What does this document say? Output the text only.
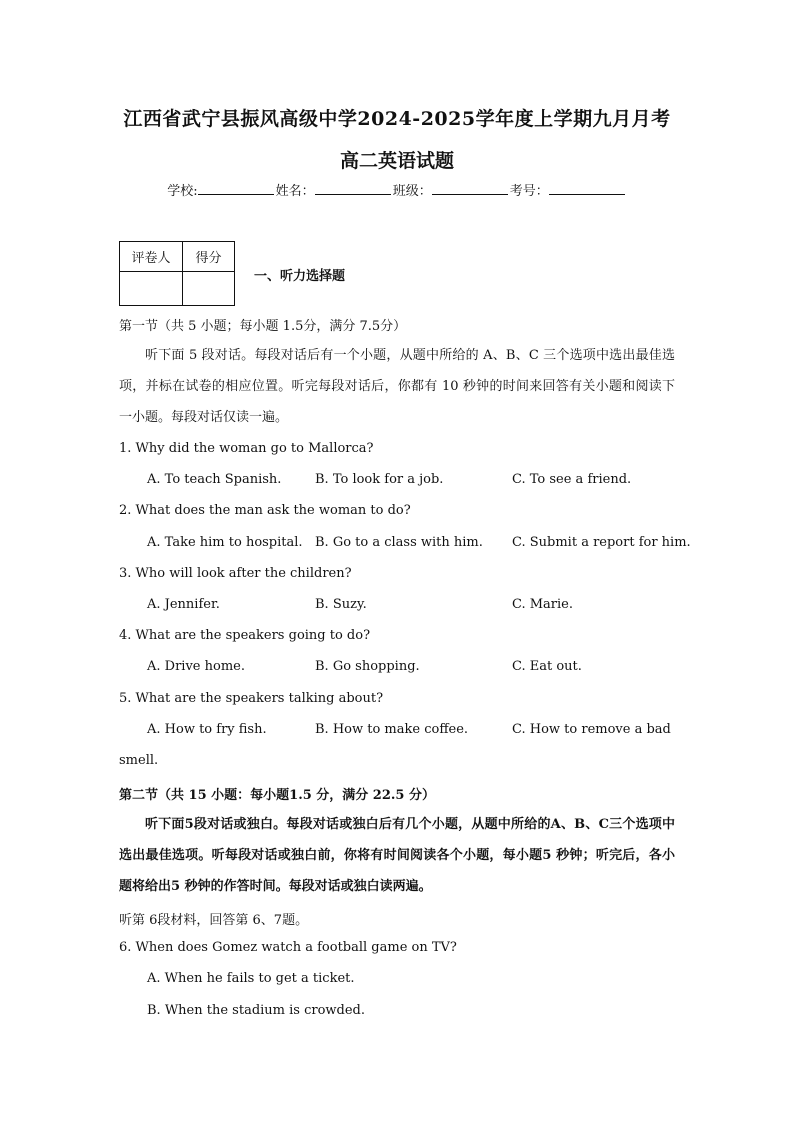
江西省武宁县振风高级中学2024-2025学年度上学期九月月考
高二英语试题
学校:	姓名：	班级：	考号：
评卷人	得分

一、听力选择题
第一节（共 5 小题；每小题 1.5分，满分 7.5分）
听下面 5 段对话。每段对话后有一个小题，从题中所给的 A、B、C 三个选项中选出最佳选项，并标在试卷的相应位置。听完每段对话后，你都有 10 秒钟的时间来回答有关小题和阅读下一小题。每段对话仅读一遍。
1. Why did the woman go to Mallorca?
A. To teach Spanish.	B. To look for a job.	C. To see a friend.
2. What does the man ask the woman to do?
A. Take him to hospital. B. Go to a class with him. C. Submit a report for him.
3. Who will look after the children?
A. Jennifer.	B. Suzy.	C. Marie.
4. What are the speakers going to do?
A. Drive home.	B. Go shopping.	C. Eat out.
5. What are the speakers talking about?
A. How to fry fish.	B. How to make coffee.	C. How to remove a bad
smell.
第二节（共 15 小题：每小题1.5 分，满分 22.5 分）
听下面5段对话或独白。每段对话或独白后有几个小题，从题中所给的A、B、C三个选项中选出最佳选项。听每段对话或独白前，你将有时间阅读各个小题，每小题5 秒钟；听完后，各小题将给出5 秒钟的作答时间。每段对话或独白读两遍。
听第 6段材料，回答第 6、7题。
6. When does Gomez watch a football game on TV?
A. When he fails to get a ticket.
B. When the stadium is crowded.
